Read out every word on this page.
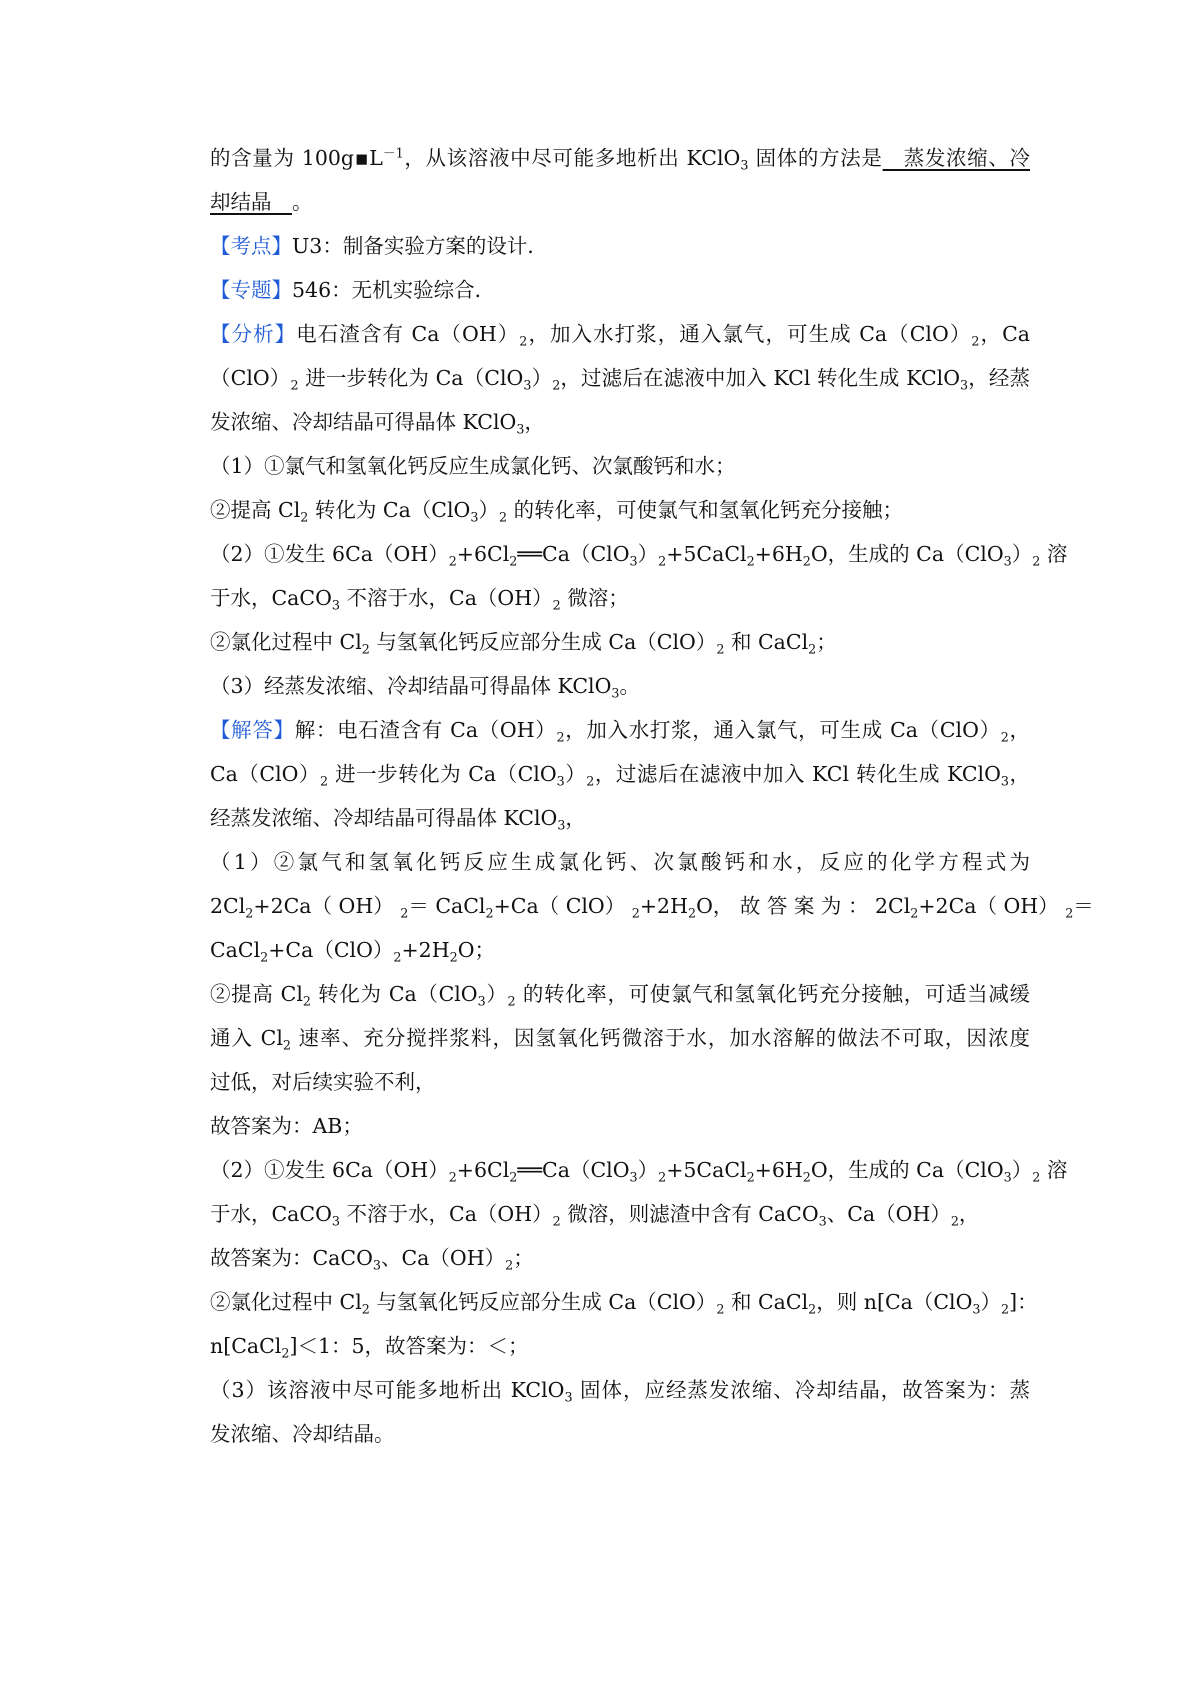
的含量为 $100g▪L^{-1}$，从该溶液中尽可能多地析出 KClO$_3$ 固体的方法是　蒸发浓缩、冷
却结晶　。
【考点】U3：制备实验方案的设计．
【专题】546：无机实验综合．
【分析】电石渣含有 $Ca(OH)_2$，加入水打浆，通入氯气，可生成 $Ca(ClO)_2$，Ca
$(ClO)_2$ 进一步转化为 $Ca(ClO_3)_2$，过滤后在滤液中加入 KCl 转化生成 KClO$_3$，经蒸
发浓缩、冷却结晶可得晶体 KClO$_3$，
（1）①氯气和氢氧化钙反应生成氯化钙、次氯酸钙和水；
②提高 $Cl_2$ 转化为 $Ca(ClO_3)_2$ 的转化率，可使氯气和氢氧化钙充分接触；
（2）①发生 $6Ca(OH)_2+6Cl_2══Ca(ClO_3)_2+5CaCl_2+6H_2O$，生成的 $Ca(ClO_3)_2$ 溶
于水，CaCO$_3$ 不溶于水，$Ca(OH)_2$ 微溶；
②氯化过程中 $Cl_2$ 与氢氧化钙反应部分生成 $Ca(ClO)_2$ 和 CaCl$_2$；
（3）经蒸发浓缩、冷却结晶可得晶体 KClO$_3$。
【解答】解：电石渣含有 $Ca(OH)_2$，加入水打浆，通入氯气，可生成 $Ca(ClO)_2$，
$Ca(ClO)_2$ 进一步转化为 $Ca(ClO_3)_2$，过滤后在滤液中加入 KCl 转化生成 KClO$_3$，
经蒸发浓缩、冷却结晶可得晶体 KClO$_3$，
（1）②氯气和氢氧化钙反应生成氯化钙、次氯酸钙和水，反应的化学方程式为
$2Cl_2+2Ca$（ OH） $_2$＝ CaCl$_2$+Ca（ ClO） $_2+2H_2O$， 故 答 案 为 ： $2Cl_2+2Ca$（ OH） $_2$＝
$CaCl_2+Ca(ClO)_2+2H_2O$；
②提高 $Cl_2$ 转化为 $Ca(ClO_3)_2$ 的转化率，可使氯气和氢氧化钙充分接触，可适当减缓
通入 $Cl_2$ 速率、充分搅拌浆料，因氢氧化钙微溶于水，加水溶解的做法不可取，因浓度
过低，对后续实验不利，
故答案为：AB；
（2）①发生 $6Ca(OH)_2+6Cl_2══Ca(ClO_3)_2+5CaCl_2+6H_2O$，生成的 $Ca(ClO_3)_2$ 溶
于水，CaCO$_3$ 不溶于水，$Ca(OH)_2$ 微溶，则滤渣中含有 CaCO$_3$、$Ca(OH)_2$，
故答案为：CaCO$_3$、$Ca(OH)_2$；
②氯化过程中 $Cl_2$ 与氢氧化钙反应部分生成 $Ca(ClO)_2$ 和 CaCl$_2$，则 $n[Ca(ClO_3)_2]$：
n[CaCl$_2$]＜1：5，故答案为：＜；
（3）该溶液中尽可能多地析出 KClO$_3$ 固体，应经蒸发浓缩、冷却结晶，故答案为：蒸
发浓缩、冷却结晶。
